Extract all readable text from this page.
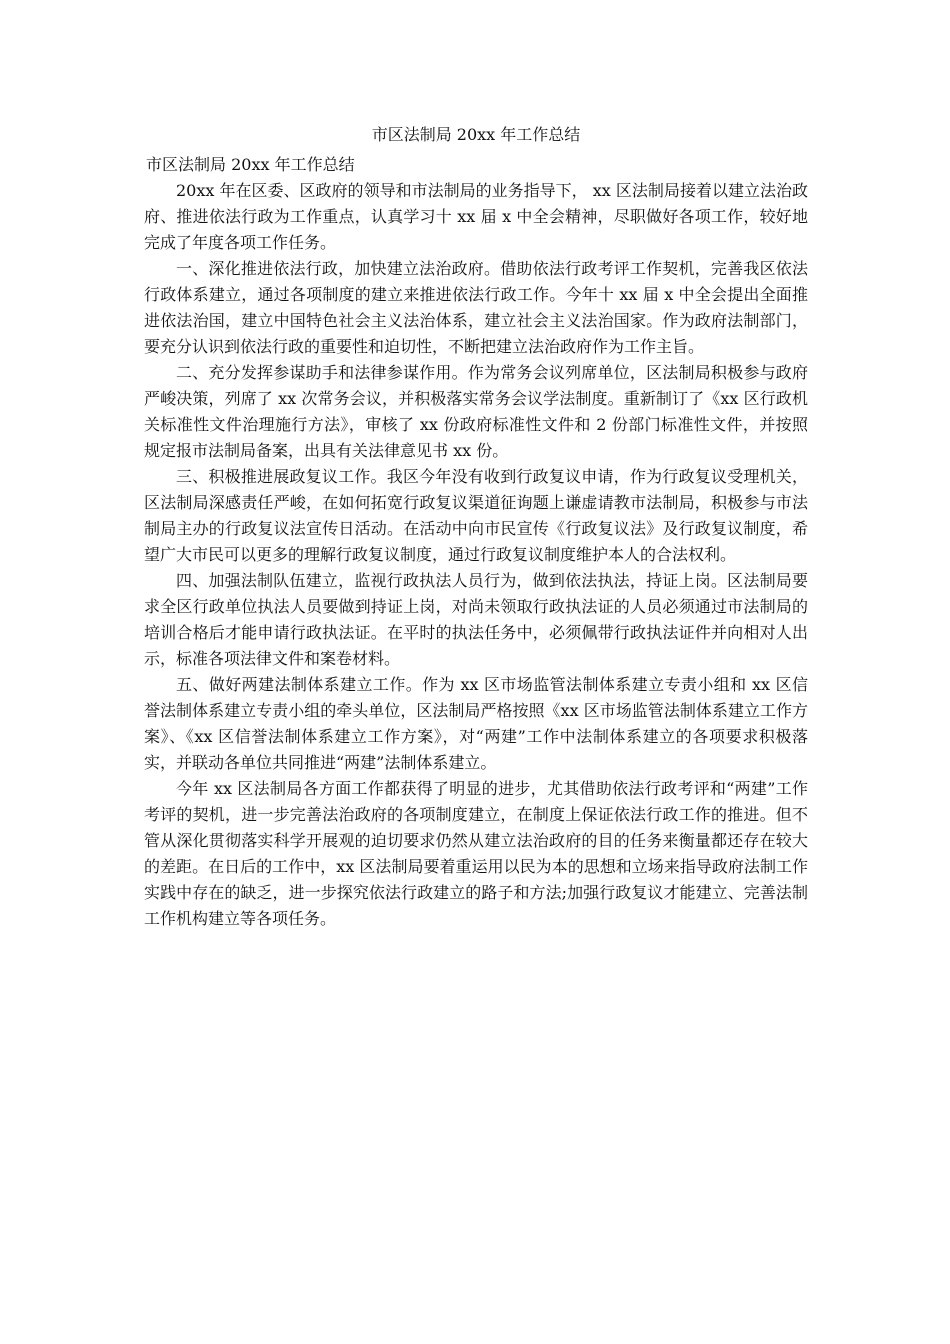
市区法制局 20xx 年工作总结
市区法制局 20xx 年工作总结

20xx 年在区委、区政府的领导和市法制局的业务指导下， xx 区法制局接着以建立法治政府、推进依法行政为工作重点，认真学习十 xx 届 x 中全会精神，尽职做好各项工作，较好地完成了年度各项工作任务。

一、深化推进依法行政，加快建立法治政府。借助依法行政考评工作契机，完善我区依法行政体系建立，通过各项制度的建立来推进依法行政工作。今年十 xx 届 x 中全会提出全面推进依法治国，建立中国特色社会主义法治体系，建立社会主义法治国家。作为政府法制部门，要充分认识到依法行政的重要性和迫切性，不断把建立法治政府作为工作主旨。

二、充分发挥参谋助手和法律参谋作用。作为常务会议列席单位，区法制局积极参与政府严峻决策，列席了 xx 次常务会议，并积极落实常务会议学法制度。重新制订了《xx 区行政机关标准性文件治理施行方法》，审核了 xx 份政府标准性文件和 2 份部门标准性文件，并按照规定报市法制局备案，出具有关法律意见书 xx 份。

三、积极推进展政复议工作。我区今年没有收到行政复议申请，作为行政复议受理机关，区法制局深感责任严峻，在如何拓宽行政复议渠道征询题上谦虚请教市法制局，积极参与市法制局主办的行政复议法宣传日活动。在活动中向市民宣传《行政复议法》及行政复议制度，希望广大市民可以更多的理解行政复议制度，通过行政复议制度维护本人的合法权利。

四、加强法制队伍建立，监视行政执法人员行为，做到依法执法，持证上岗。区法制局要求全区行政单位执法人员要做到持证上岗，对尚未领取行政执法证的人员必须通过市法制局的培训合格后才能申请行政执法证。在平时的执法任务中，必须佩带行政执法证件并向相对人出示，标准各项法律文件和案卷材料。

五、做好两建法制体系建立工作。作为 xx 区市场监管法制体系建立专责小组和 xx 区信誉法制体系建立专责小组的牵头单位，区法制局严格按照《xx 区市场监管法制体系建立工作方案》、《xx 区信誉法制体系建立工作方案》，对“两建”工作中法制体系建立的各项要求积极落实，并联动各单位共同推进“两建”法制体系建立。

今年 xx 区法制局各方面工作都获得了明显的进步，尤其借助依法行政考评和“两建”工作考评的契机，进一步完善法治政府的各项制度建立，在制度上保证依法行政工作的推进。但不管从深化贯彻落实科学开展观的迫切要求仍然从建立法治政府的目的任务来衡量都还存在较大的差距。在日后的工作中，xx 区法制局要着重运用以民为本的思想和立场来指导政府法制工作实践中存在的缺乏，进一步探究依法行政建立的路子和方法;加强行政复议才能建立、完善法制工作机构建立等各项任务。
